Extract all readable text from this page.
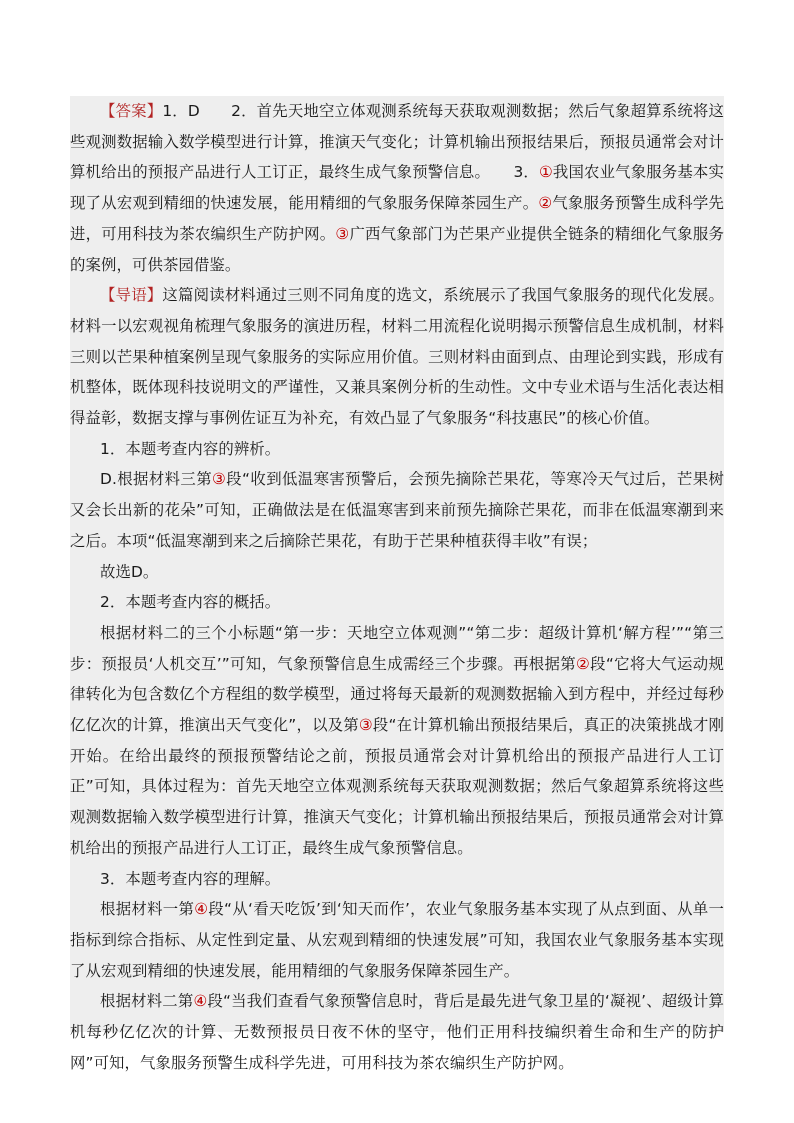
【答案】1．D　　2．首先天地空立体观测系统每天获取观测数据；然后气象超算系统将这些观测数据输入数学模型进行计算，推演天气变化；计算机输出预报结果后，预报员通常会对计算机给出的预报产品进行人工订正，最终生成气象预警信息。　　3．①我国农业气象服务基本实现了从宏观到精细的快速发展，能用精细的气象服务保障茶园生产。②气象服务预警生成科学先进，可用科技为茶农编织生产防护网。③广西气象部门为芒果产业提供全链条的精细化气象服务的案例，可供茶园借鉴。

【导语】这篇阅读材料通过三则不同角度的选文，系统展示了我国气象服务的现代化发展。材料一以宏观视角梳理气象服务的演进历程，材料二用流程化说明揭示预警信息生成机制，材料三则以芒果种植案例呈现气象服务的实际应用价值。三则材料由面到点、由理论到实践，形成有机整体，既体现科技说明文的严谨性，又兼具案例分析的生动性。文中专业术语与生活化表达相得益彰，数据支撑与事例佐证互为补充，有效凸显了气象服务“科技惠民”的核心价值。

1．本题考查内容的辨析。

D.根据材料三第③段“收到低温寒害预警后，会预先摘除芒果花，等寒冷天气过后，芒果树又会长出新的花朵”可知，正确做法是在低温寒害到来前预先摘除芒果花，而非在低温寒潮到来之后。本项“低温寒潮到来之后摘除芒果花，有助于芒果种植获得丰收”有误；

故选D。

2．本题考查内容的概括。

根据材料二的三个小标题“第一步：天地空立体观测”“第二步：超级计算机‘解方程’”“第三步：预报员‘人机交互’”可知，气象预警信息生成需经三个步骤。再根据第②段“它将大气运动规律转化为包含数亿个方程组的数学模型，通过将每天最新的观测数据输入到方程中，并经过每秒亿亿次的计算，推演出天气变化”，以及第③段“在计算机输出预报结果后，真正的决策挑战才刚开始。在给出最终的预报预警结论之前，预报员通常会对计算机给出的预报产品进行人工订正”可知，具体过程为：首先天地空立体观测系统每天获取观测数据；然后气象超算系统将这些观测数据输入数学模型进行计算，推演天气变化；计算机输出预报结果后，预报员通常会对计算机给出的预报产品进行人工订正，最终生成气象预警信息。

3．本题考查内容的理解。

根据材料一第④段“从‘看天吃饭’到‘知天而作’，农业气象服务基本实现了从点到面、从单一指标到综合指标、从定性到定量、从宏观到精细的快速发展”可知，我国农业气象服务基本实现了从宏观到精细的快速发展，能用精细的气象服务保障茶园生产。

根据材料二第④段“当我们查看气象预警信息时，背后是最先进气象卫星的‘凝视’、超级计算机每秒亿亿次的计算、无数预报员日夜不休的坚守，他们正用科技编织着生命和生产的防护网”可知，气象服务预警生成科学先进，可用科技为茶农编织生产防护网。
